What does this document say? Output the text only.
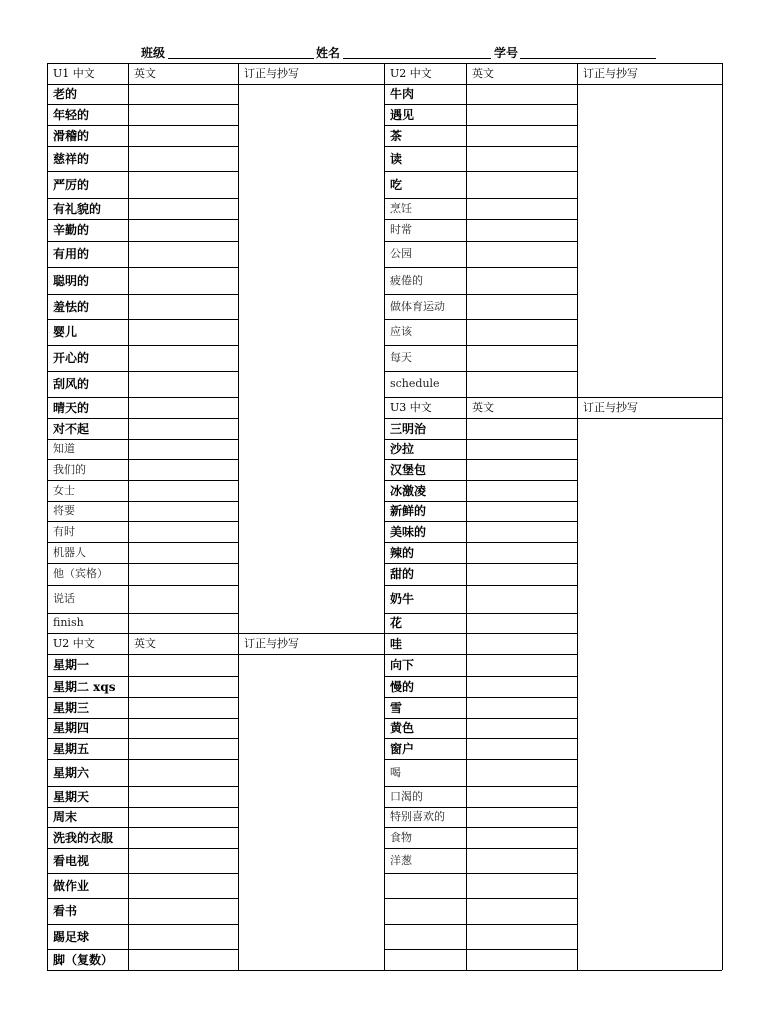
班级	姓名	学号
U1 中文	英文	订正与抄写
老的
年轻的
滑稽的
慈祥的
严厉的
有礼貌的
辛勤的
有用的
聪明的
羞怯的
婴儿
开心的
刮风的
晴天的
对不起
知道
我们的
女士
将要
有时
机器人
他（宾格）
说话
finish
U2 中文	英文	订正与抄写
星期一
星期二 xqs
星期三
星期四
星期五
星期六
星期天
周末
洗我的衣服
看电视
做作业
看书
踢足球
脚（复数）
U2 中文	英文	订正与抄写
牛肉
遇见
茶
读
吃
烹饪
时常
公园
疲倦的
做体育运动
应该
每天
schedule
U3 中文	英文	订正与抄写
三明治
沙拉
汉堡包
冰激凌
新鲜的
美味的
辣的
甜的
奶牛
花
哇
向下
慢的
雪
黄色
窗户
喝
口渴的
特别喜欢的
食物
洋葱
